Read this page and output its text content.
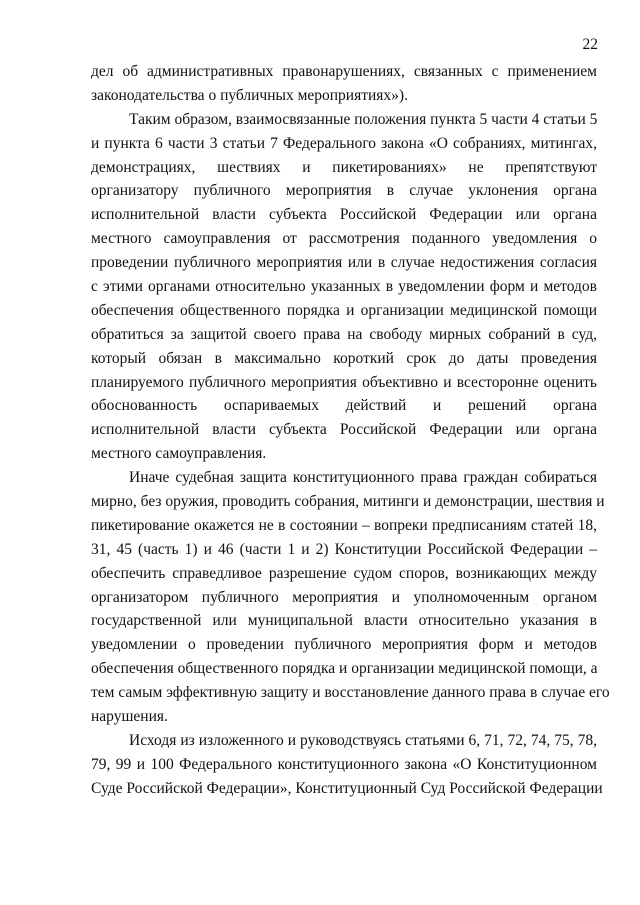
22
дел об административных правонарушениях, связанных с применением
законодательства о публичных мероприятиях»).
Таким образом, взаимосвязанные положения пункта 5 части 4 статьи 5
и пункта 6 части 3 статьи 7 Федерального закона «О собраниях, митингах,
демонстрациях, шествиях и пикетированиях» не препятствуют
организатору публичного мероприятия в случае уклонения органа
исполнительной власти субъекта Российской Федерации или органа
местного самоуправления от рассмотрения поданного уведомления о
проведении публичного мероприятия или в случае недостижения согласия
с этими органами относительно указанных в уведомлении форм и методов
обеспечения общественного порядка и организации медицинской помощи
обратиться за защитой своего права на свободу мирных собраний в суд,
который обязан в максимально короткий срок до даты проведения
планируемого публичного мероприятия объективно и всесторонне оценить
обоснованность оспариваемых действий и решений органа
исполнительной власти субъекта Российской Федерации или органа
местного самоуправления.
Иначе судебная защита конституционного права граждан собираться
мирно, без оружия, проводить собрания, митинги и демонстрации, шествия и
пикетирование окажется не в состоянии – вопреки предписаниям статей 18,
31, 45 (часть 1) и 46 (части 1 и 2) Конституции Российской Федерации –
обеспечить справедливое разрешение судом споров, возникающих между
организатором публичного мероприятия и уполномоченным органом
государственной или муниципальной власти относительно указания в
уведомлении о проведении публичного мероприятия форм и методов
обеспечения общественного порядка и организации медицинской помощи, а
тем самым эффективную защиту и восстановление данного права в случае его
нарушения.
Исходя из изложенного и руководствуясь статьями 6, 71, 72, 74, 75, 78,
79, 99 и 100 Федерального конституционного закона «О Конституционном
Суде Российской Федерации», Конституционный Суд Российской Федерации
